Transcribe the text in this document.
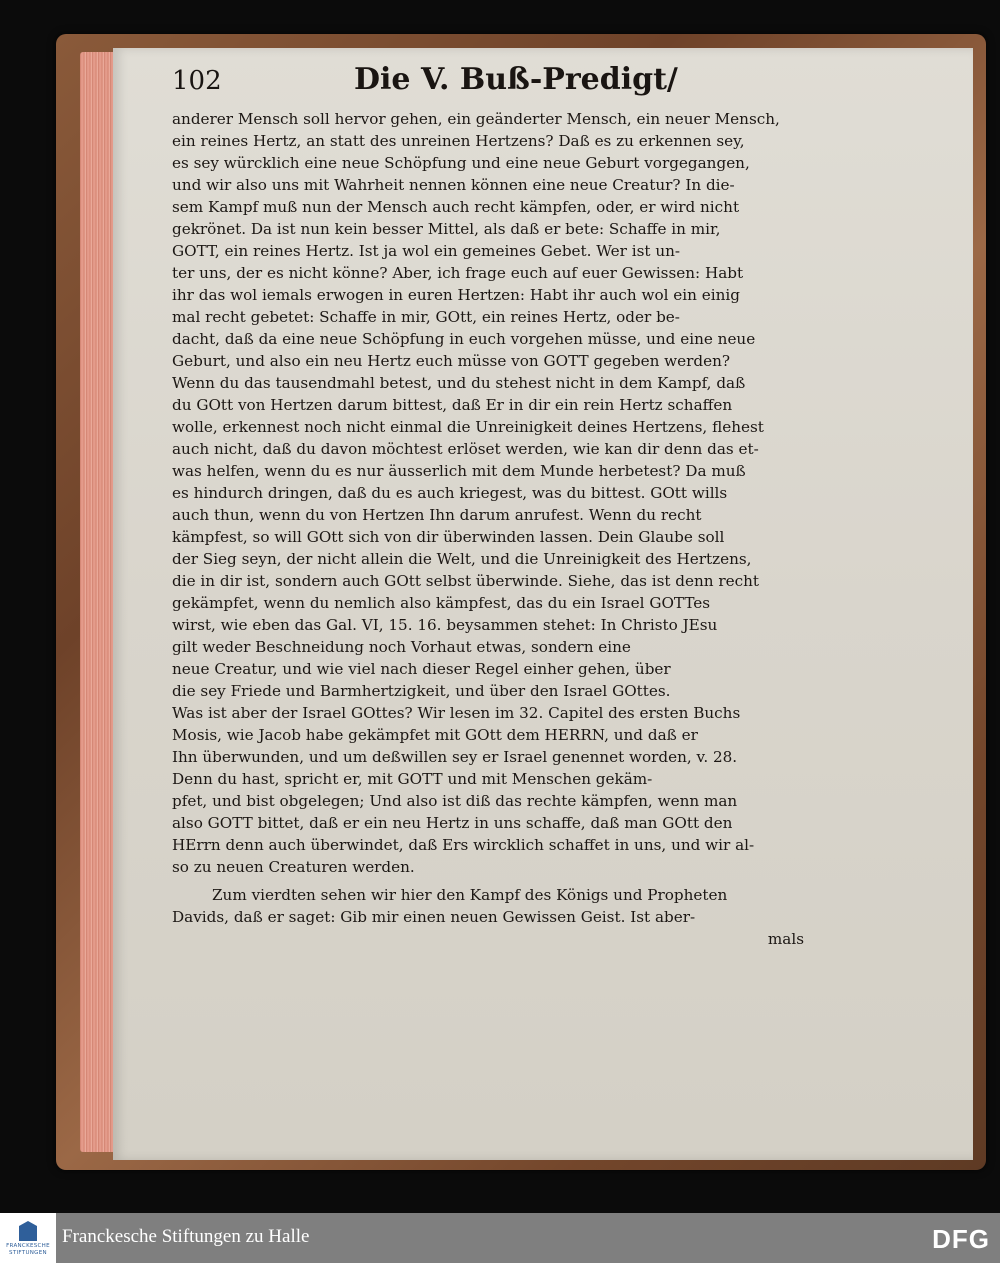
102	Die V. Buß-Predigt/
anderer Mensch soll hervor gehen, ein geänderter Mensch, ein neuer Mensch,
ein reines Hertz, an statt des unreinen Hertzens? Daß es zu erkennen sey,
es sey würcklich eine neue Schöpfung und eine neue Geburt vorgegangen,
und wir also uns mit Wahrheit nennen können eine neue Creatur? In die-
sem Kampf muß nun der Mensch auch recht kämpfen, oder, er wird nicht
gekrönet. Da ist nun kein besser Mittel, als daß er bete: Schaffe in mir,
GOTT, ein reines Hertz. Ist ja wol ein gemeines Gebet. Wer ist un-
ter uns, der es nicht könne? Aber, ich frage euch auf euer Gewissen: Habt
ihr das wol iemals erwogen in euren Hertzen: Habt ihr auch wol ein einig
mal recht gebetet: Schaffe in mir, GOtt, ein reines Hertz, oder be-
dacht, daß da eine neue Schöpfung in euch vorgehen müsse, und eine neue
Geburt, und also ein neu Hertz euch müsse von GOTT gegeben werden?
Wenn du das tausendmahl betest, und du stehest nicht in dem Kampf, daß
du GOtt von Hertzen darum bittest, daß Er in dir ein rein Hertz schaffen
wolle, erkennest noch nicht einmal die Unreinigkeit deines Hertzens, flehest
auch nicht, daß du davon möchtest erlöset werden, wie kan dir denn das et-
was helfen, wenn du es nur äusserlich mit dem Munde herbetest? Da muß
es hindurch dringen, daß du es auch kriegest, was du bittest. GOtt wills
auch thun, wenn du von Hertzen Ihn darum anrufest. Wenn du recht
kämpfest, so will GOtt sich von dir überwinden lassen. Dein Glaube soll
der Sieg seyn, der nicht allein die Welt, und die Unreinigkeit des Hertzens,
die in dir ist, sondern auch GOtt selbst überwinde. Siehe, das ist denn recht
gekämpfet, wenn du nemlich also kämpfest, das du ein Israel GOTTes
wirst, wie eben das Gal. VI, 15. 16. beysammen stehet: In Christo JEsu
gilt weder Beschneidung noch Vorhaut etwas, sondern eine
neue Creatur, und wie viel nach dieser Regel einher gehen, über
die sey Friede und Barmhertzigkeit, und über den Israel GOttes.
Was ist aber der Israel GOttes? Wir lesen im 32. Capitel des ersten Buchs
Mosis, wie Jacob habe gekämpfet mit GOtt dem HERRN, und daß er
Ihn überwunden, und um deßwillen sey er Israel genennet worden, v. 28.
Denn du hast, spricht er, mit GOTT und mit Menschen gekäm-
pfet, und bist obgelegen; Und also ist diß das rechte kämpfen, wenn man
also GOTT bittet, daß er ein neu Hertz in uns schaffe, daß man GOtt den
HErrn denn auch überwindet, daß Ers wircklich schaffet in uns, und wir al-
so zu neuen Creaturen werden.
Zum vierdten sehen wir hier den Kampf des Königs und Propheten
Davids, daß er saget: Gib mir einen neuen Gewissen Geist. Ist aber-
mals
FRANCKESCHE
STIFTUNGEN
Franckesche Stiftungen zu Halle	DFG
